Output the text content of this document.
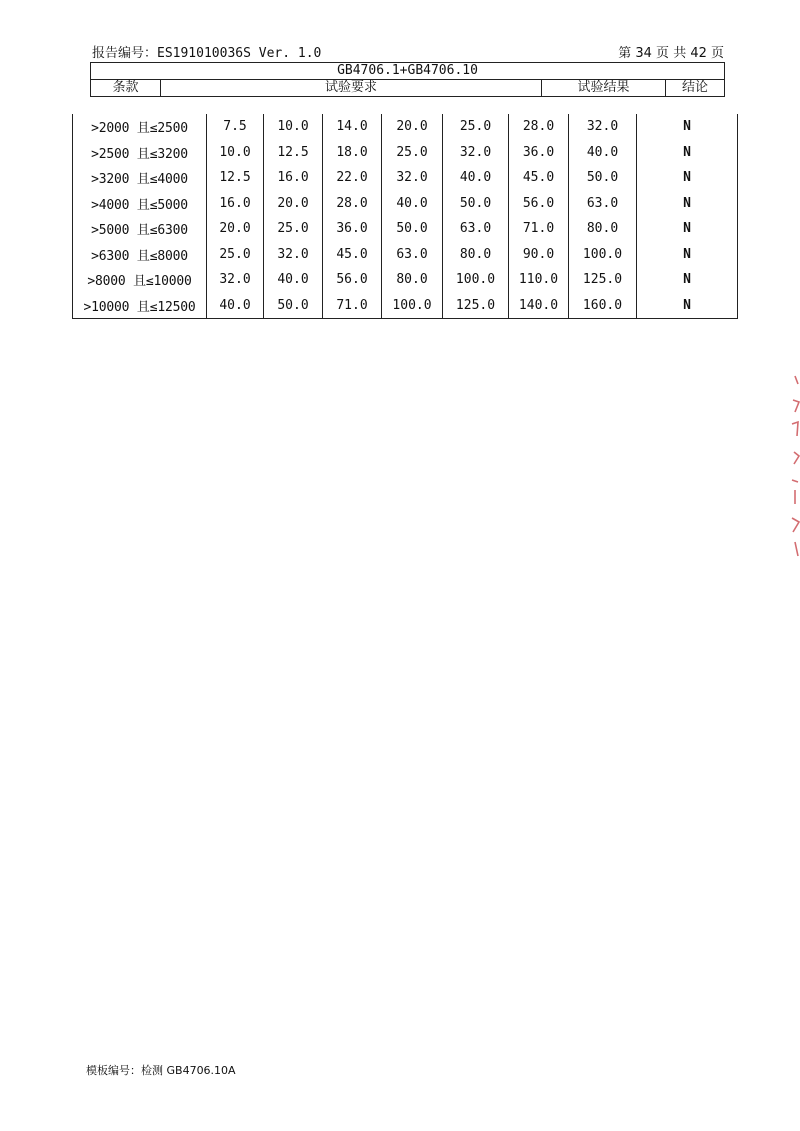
报告编号：ES191010036S Ver. 1.0	第 34 页 共 42 页
GB4706.1+GB4706.10
条款	试验要求	试验结果	结论
>2000 且≤2500	7.5	10.0	14.0	20.0	25.0	28.0	32.0	N
>2500 且≤3200	10.0	12.5	18.0	25.0	32.0	36.0	40.0	N
>3200 且≤4000	12.5	16.0	22.0	32.0	40.0	45.0	50.0	N
>4000 且≤5000	16.0	20.0	28.0	40.0	50.0	56.0	63.0	N
>5000 且≤6300	20.0	25.0	36.0	50.0	63.0	71.0	80.0	N
>6300 且≤8000	25.0	32.0	45.0	63.0	80.0	90.0	100.0	N
>8000 且≤10000	32.0	40.0	56.0	80.0	100.0	110.0	125.0	N
>10000 且≤12500	40.0	50.0	71.0	100.0	125.0	140.0	160.0	N
模板编号：检测 GB4706.10A
